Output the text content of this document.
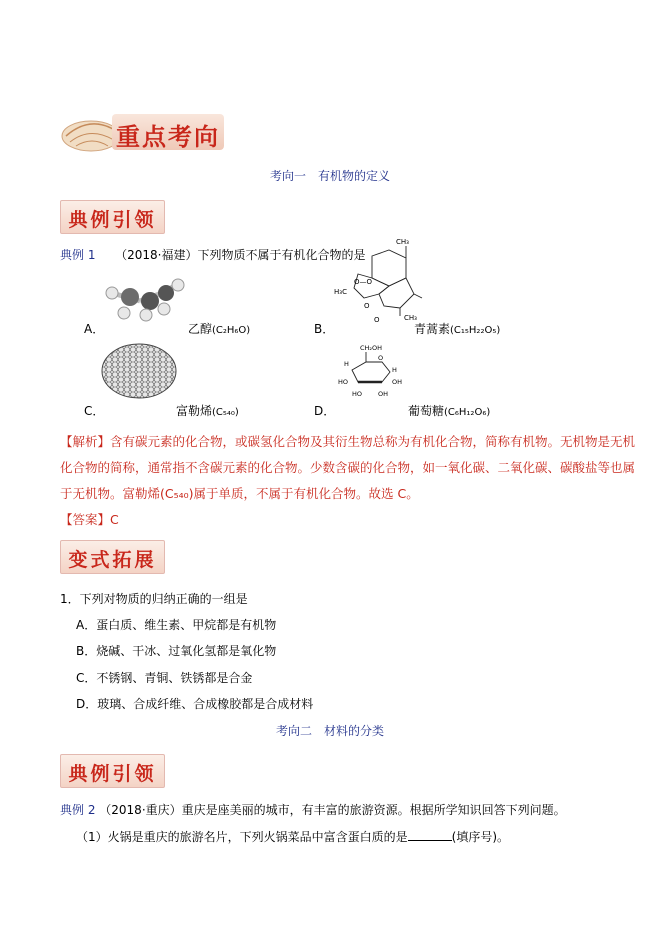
重点考向
考向一　有机物的定义
典例引领
典例 1 （2018·福建）下列物质不属于有机化合物的是
A．	乙醇(C₂H₆O)
CH₃
H₃C
O—O
O
O	CH₃
B．	青蒿素(C₁₅H₂₂O₅)
C．	富勒烯(C₅₄₀)
CH₂OH
H
O
H
OH
HO
HO OH
D．	葡萄糖(C₆H₁₂O₆)
【解析】含有碳元素的化合物，或碳氢化合物及其衍生物总称为有机化合物，简称有机物。无机物是无机
化合物的简称，通常指不含碳元素的化合物。少数含碳的化合物，如一氧化碳、二氧化碳、碳酸盐等也属
于无机物。富勒烯(C₅₄₀)属于单质，不属于有机化合物。故选 C。
【答案】C
变式拓展
1．下列对物质的归纳正确的一组是
A．蛋白质、维生素、甲烷都是有机物
B．烧碱、干冰、过氧化氢都是氧化物
C．不锈钢、青铜、铁锈都是合金
D．玻璃、合成纤维、合成橡胶都是合成材料
考向二　材料的分类
典例引领
典例 2 （2018·重庆）重庆是座美丽的城市，有丰富的旅游资源。根据所学知识回答下列问题。
（1）火锅是重庆的旅游名片，下列火锅菜品中富含蛋白质的是	(填序号)。
